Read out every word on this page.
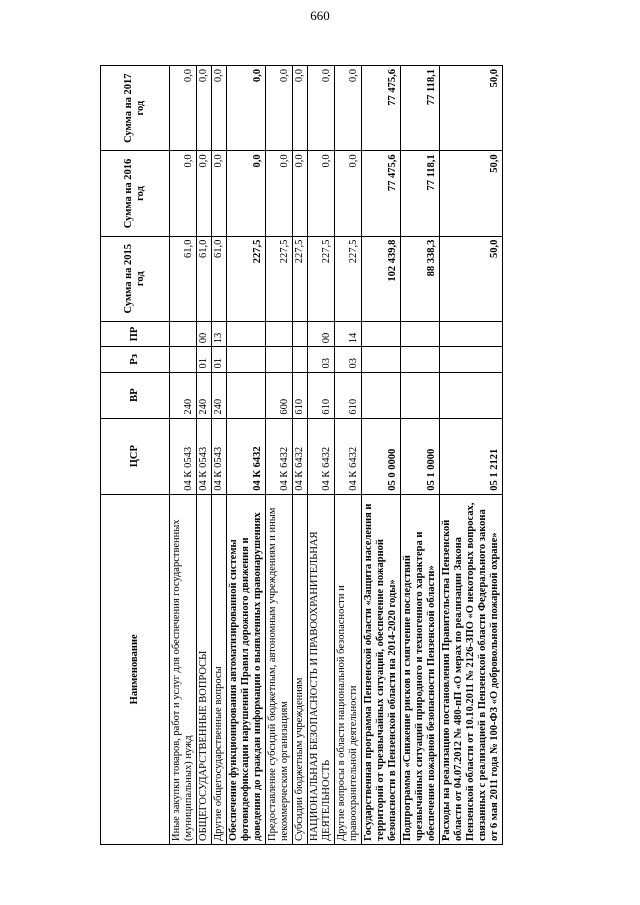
660
Наименование	ЦСР	ВР	Рз	ПР	Сумма на 2015 год	Сумма на 2016 год	Сумма на 2017 год
Иные закупки товаров, работ и услуг для обеспечения государственных (муниципальных) нужд	04 К 0543	240			61,0	0,0	0,0
ОБЩЕГОСУДАРСТВЕННЫЕ ВОПРОСЫ	04 К 0543	240	01	00	61,0	0,0	0,0
Другие общегосударственные вопросы	04 К 0543	240	01	13	61,0	0,0	0,0
Обеспечение функционирования автоматизированной системы фотовидеофиксации нарушений Правил дорожного движения и доведения до граждан информации о выявленных правонарушениях	04 К 6432				227,5	0,0	0,0
Предоставление субсидий бюджетным, автономным учреждениям и иным некоммерческим организациям	04 К 6432	600			227,5	0,0	0,0
Субсидии бюджетным учреждениям	04 К 6432	610			227,5	0,0	0,0
НАЦИОНАЛЬНАЯ БЕЗОПАСНОСТЬ И ПРАВООХРАНИТЕЛЬНАЯ ДЕЯТЕЛЬНОСТЬ	04 К 6432	610	03	00	227,5	0,0	0,0
Другие вопросы в области национальной безопасности и правоохранительной деятельности	04 К 6432	610	03	14	227,5	0,0	0,0
Государственная программа Пензенской области «Защита населения и территорий от чрезвычайных ситуаций, обеспечение пожарной безопасности в Пензенской области на 2014-2020 годы»	05 0 0000				102 439,8	77 475,6	77 475,6
Подпрограмма «Снижение рисков и смягчение последствий чрезвычайных ситуаций природного и техногенного характера и обеспечение пожарной безопасности Пензенской области»	05 1 0000				88 338,3	77 118,1	77 118,1
Расходы на реализацию постановления Правительства Пензенской области от 04.07.2012 № 480-пП «О мерах по реализации Закона Пензенской области от 10.10.2011 № 2126-ЗПО «О некоторых вопросах, связанных с реализацией в Пензенской области Федерального закона от 6 мая 2011 года № 100-ФЗ «О добровольной пожарной охране»	05 1 2121				50,0	50,0	50,0
